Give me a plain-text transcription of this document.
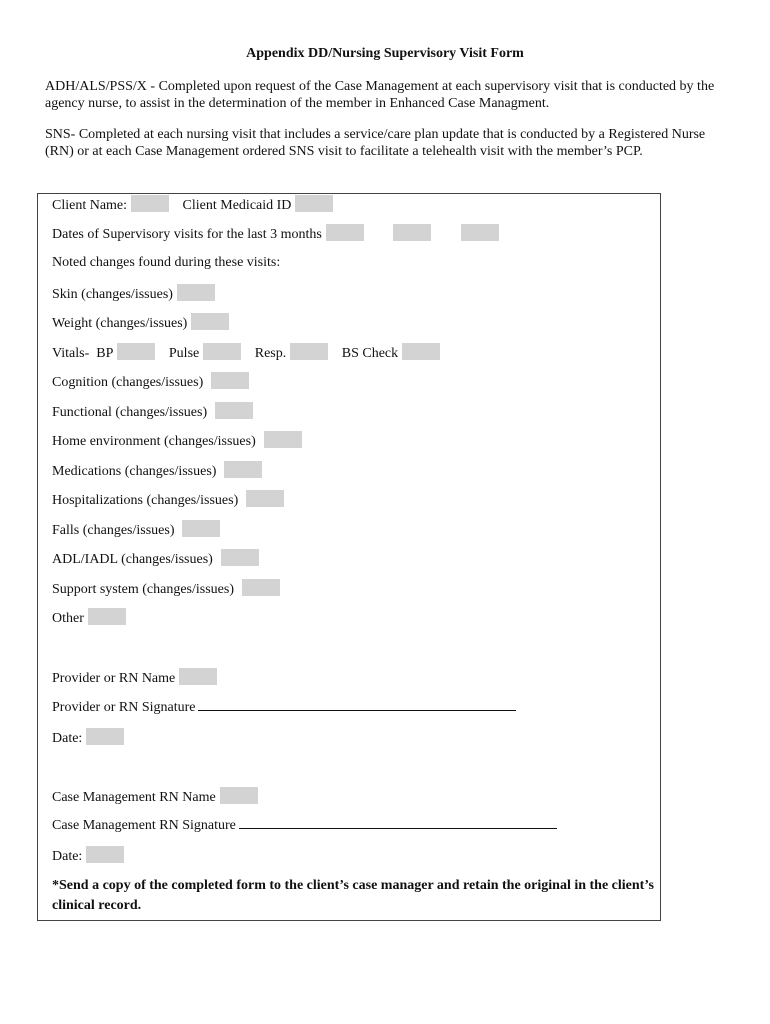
Appendix DD/Nursing Supervisory Visit Form
ADH/ALS/PSS/X - Completed upon request of the Case Management at each supervisory visit that is conducted by the agency nurse, to assist in the determination of the member in Enhanced Case Managment.
SNS- Completed at each nursing visit that includes a service/care plan update that is conducted by a Registered Nurse (RN) or at each Case Management ordered SNS visit to facilitate a telehealth visit with the member’s PCP.
Client Name:	Client Medicaid ID
Dates of Supervisory visits for the last 3 months
Noted changes found during these visits:
Skin (changes/issues)
Weight (changes/issues)
Vitals-  BP	Pulse	Resp.	BS Check
Cognition (changes/issues)
Functional (changes/issues)
Home environment (changes/issues)
Medications (changes/issues)
Hospitalizations (changes/issues)
Falls (changes/issues)
ADL/IADL (changes/issues)
Support system (changes/issues)
Other
Provider or RN Name
Provider or RN Signature
Date:
Case Management RN Name
Case Management RN Signature
Date:
*Send a copy of the completed form to the client’s case manager and retain the original in the client’s clinical record.
